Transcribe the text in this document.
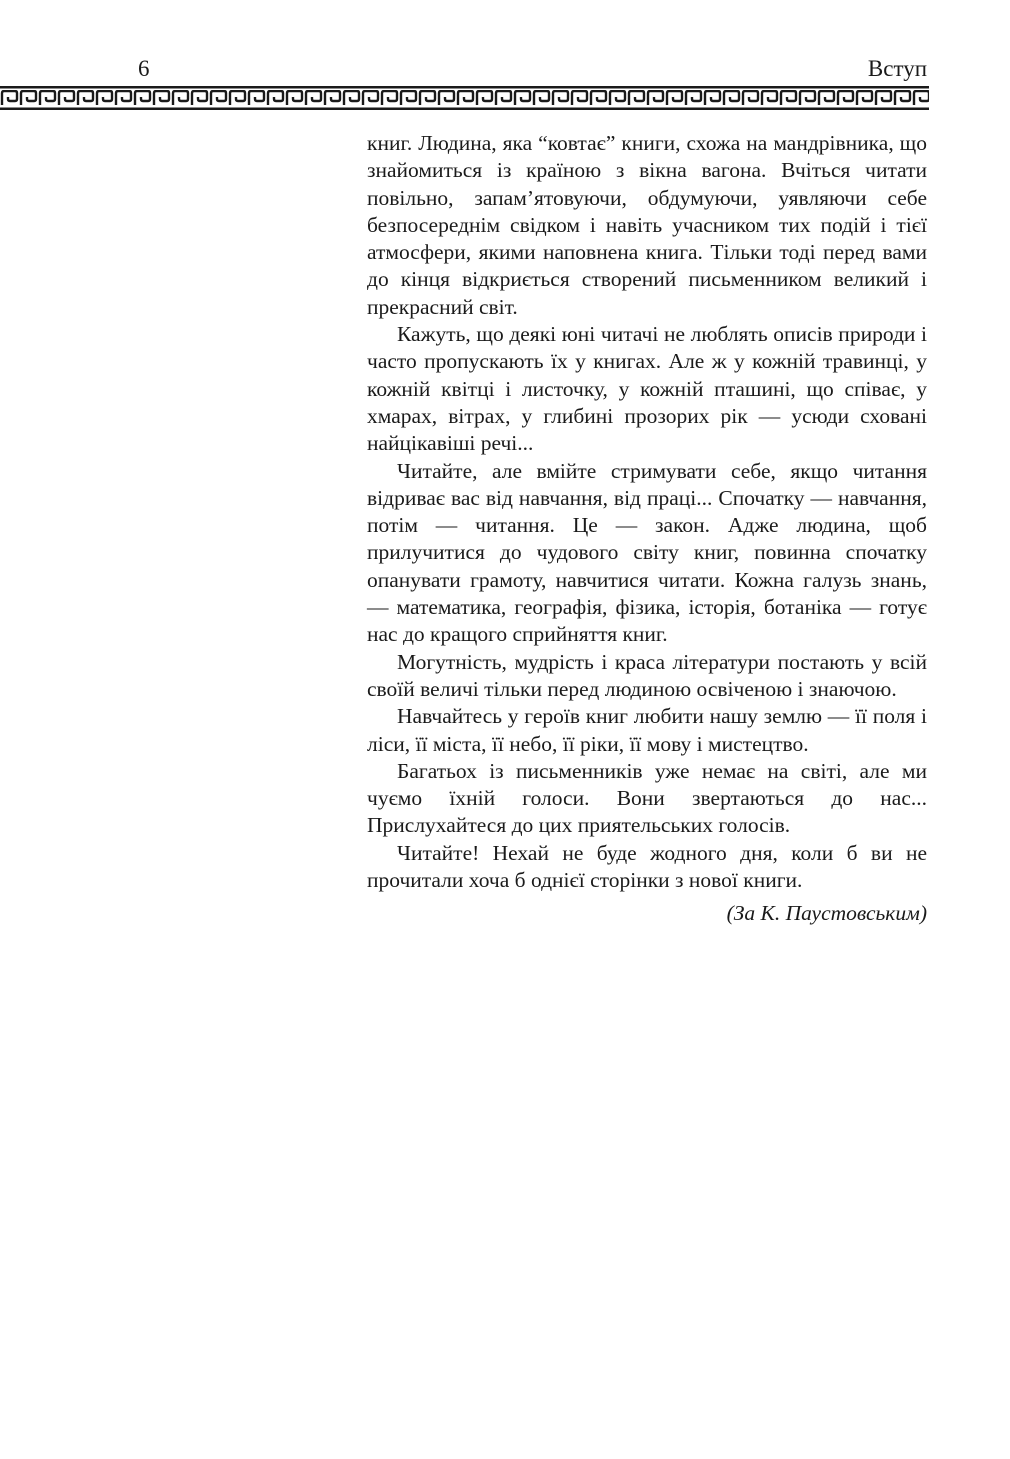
6	Вступ

книг. Людина, яка “ковтає” книги, схожа на мандрівника, що знайомиться із країною з вікна вагона. Вчіться читати повільно, запам’ятовуючи, обдумуючи, уявляючи себе безпосереднім свідком і навіть учасником тих подій і тієї атмосфери, якими наповнена книга. Тільки тоді перед вами до кінця відкриється створений письменником великий і прекрасний світ.

Кажуть, що деякі юні читачі не люблять описів природи і часто пропускають їх у книгах. Але ж у кожній травинці, у кожній квітці і листочку, у кожній пташині, що співає, у хмарах, вітрах, у глибині прозорих рік — усюди сховані найцікавіші речі...

Читайте, але вмійте стримувати себе, якщо читання відриває вас від навчання, від праці... Спочатку — навчання, потім — читання. Це — закон. Адже людина, щоб прилучитися до чудового світу книг, повинна спочатку опанувати грамоту, навчитися читати. Кожна галузь знань, — математика, географія, фізика, історія, ботаніка — готує нас до кращого сприйняття книг.

Могутність, мудрість і краса літератури постають у всій своїй величі тільки перед людиною освіченою і знаючою.

Навчайтесь у героїв книг любити нашу землю — її поля і ліси, її міста, її небо, її ріки, її мову і мистецтво.

Багатьох із письменників уже немає на світі, але ми чуємо їхній голоси. Вони звертаються до нас... Прислухайтеся до цих приятельських голосів.

Читайте! Нехай не буде жодного дня, коли б ви не прочитали хоча б однієї сторінки з нової книги.

(За К. Паустовським)
